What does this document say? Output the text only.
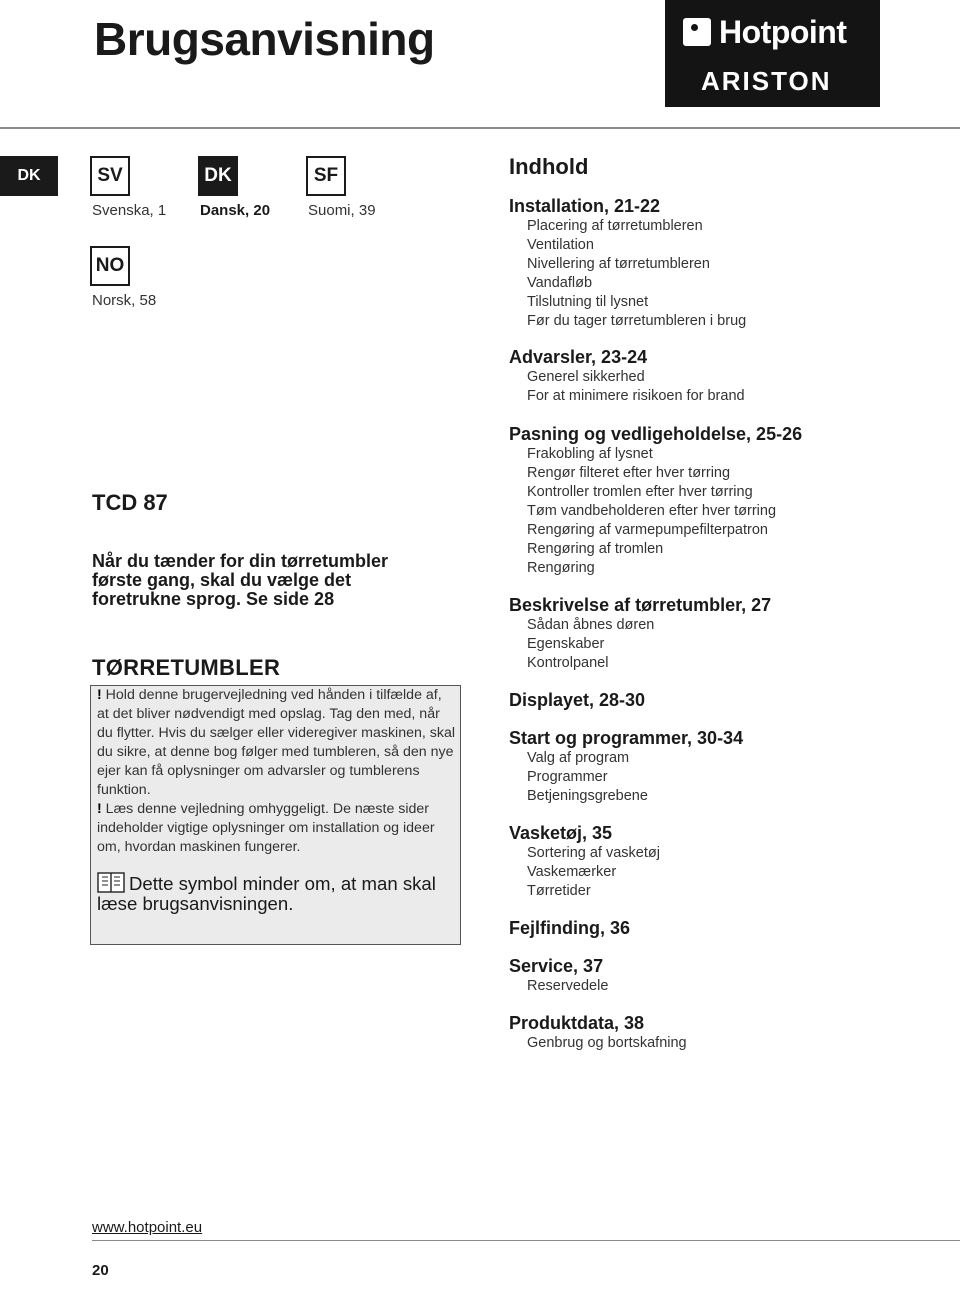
Brugsanvisning	Hotpoint
ARISTON
DK	SV
Svenska, 1
DK
Dansk, 20
SF
Suomi, 39
NO
Norsk, 58
TCD 87

Når du tænder for din tørretumbler første gang, skal du vælge det foretrukne sprog. Se side 28

TØRRETUMBLER

! Hold denne brugervejledning ved hånden i tilfælde af, at det bliver nødvendigt med opslag. Tag den med, når du flytter. Hvis du sælger eller videregiver maskinen, skal du sikre, at denne bog følger med tumbleren, så den nye ejer kan få oplysninger om advarsler og tumblerens funktion.

! Læs denne vejledning omhyggeligt. De næste sider indeholder vigtige oplysninger om installation og ideer om, hvordan maskinen fungerer.

Dette symbol minder om, at man skal læse brugsanvisningen.

Indhold

Installation, 21-22

Placering af tørretumbleren

Ventilation

Nivellering af tørretumbleren

Vandafløb

Tilslutning til lysnet

Før du tager tørretumbleren i brug

Advarsler, 23-24

Generel sikkerhed

For at minimere risikoen for brand

Pasning og vedligeholdelse, 25-26

Frakobling af lysnet

Rengør filteret efter hver tørring

Kontroller tromlen efter hver tørring

Tøm vandbeholderen efter hver tørring

Rengøring af varmepumpefilterpatron

Rengøring af tromlen

Rengøring

Beskrivelse af tørretumbler, 27

Sådan åbnes døren

Egenskaber

Kontrolpanel

Displayet, 28-30

Start og programmer, 30-34

Valg af program

Programmer

Betjeningsgrebene

Vasketøj, 35

Sortering af vasketøj

Vaskemærker

Tørretider

Fejlfinding, 36

Service, 37

Reservedele

Produktdata, 38

Genbrug og bortskafning

www.hotpoint.eu
20
